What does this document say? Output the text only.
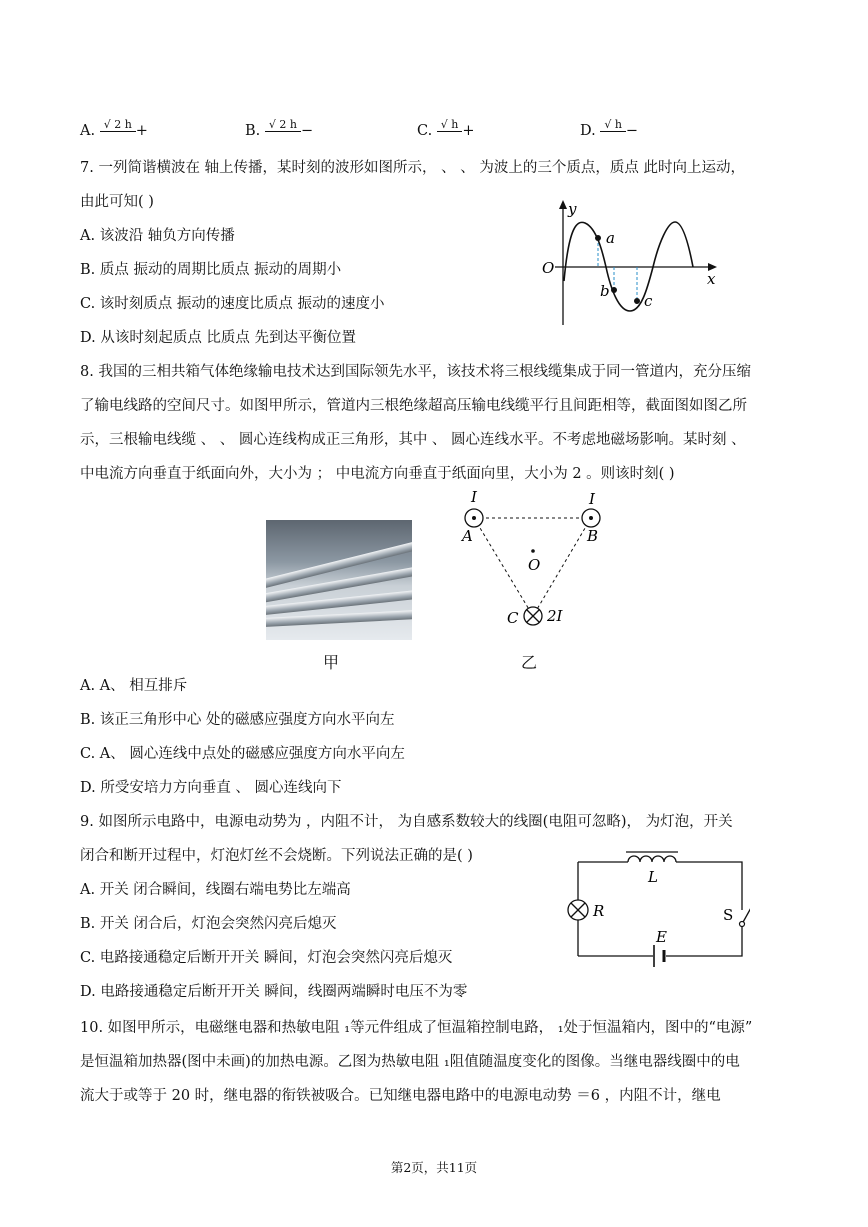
A. √ 2 h +	B. √ 2 h −	C. √ h +	D. √ h −
7. 一列简谐横波在 轴上传播，某时刻的波形如图所示， 、 、 为波上的三个质点，质点 此时向上运动，
由此可知( )
A. 该波沿 轴负方向传播
B. 质点 振动的周期比质点 振动的周期小
C. 该时刻质点 振动的速度比质点 振动的速度小
D. 从该时刻起质点 比质点 先到达平衡位置
y
x
O
a
b
c
8. 我国的三相共箱气体绝缘输电技术达到国际领先水平，该技术将三根线缆集成于同一管道内，充分压缩
了输电线路的空间尺寸。如图甲所示，管道内三根绝缘超高压输电线缆平行且间距相等，截面图如图乙所
示，三根输电线缆 、 、 圆心连线构成正三角形，其中 、 圆心连线水平。不考虑地磁场影响。某时刻 、
中电流方向垂直于纸面向外，大小为 ； 中电流方向垂直于纸面向里，大小为 2 。则该时刻( )
甲
I	I
2I
A	B
C
O
乙
A. A、 相互排斥
B. 该正三角形中心 处的磁感应强度方向水平向左
C. A、 圆心连线中点处的磁感应强度方向水平向左
D. 所受安培力方向垂直 、 圆心连线向下
9. 如图所示电路中，电源电动势为 ，内阻不计， 为自感系数较大的线圈(电阻可忽略)， 为灯泡，开关
闭合和断开过程中，灯泡灯丝不会烧断。下列说法正确的是( )
A. 开关 闭合瞬间，线圈右端电势比左端高
B. 开关 闭合后，灯泡会突然闪亮后熄灭
C. 电路接通稳定后断开开关 瞬间，灯泡会突然闪亮后熄灭
D. 电路接通稳定后断开开关 瞬间，线圈两端瞬时电压不为零
L
R	S
E
10. 如图甲所示，电磁继电器和热敏电阻 ₁等元件组成了恒温箱控制电路， ₁处于恒温箱内，图中的“电源”
是恒温箱加热器(图中未画)的加热电源。乙图为热敏电阻 ₁阻值随温度变化的图像。当继电器线圈中的电
流大于或等于 20 时，继电器的衔铁被吸合。已知继电器电路中的电源电动势 ＝6 ，内阻不计，继电
第2页，共11页
